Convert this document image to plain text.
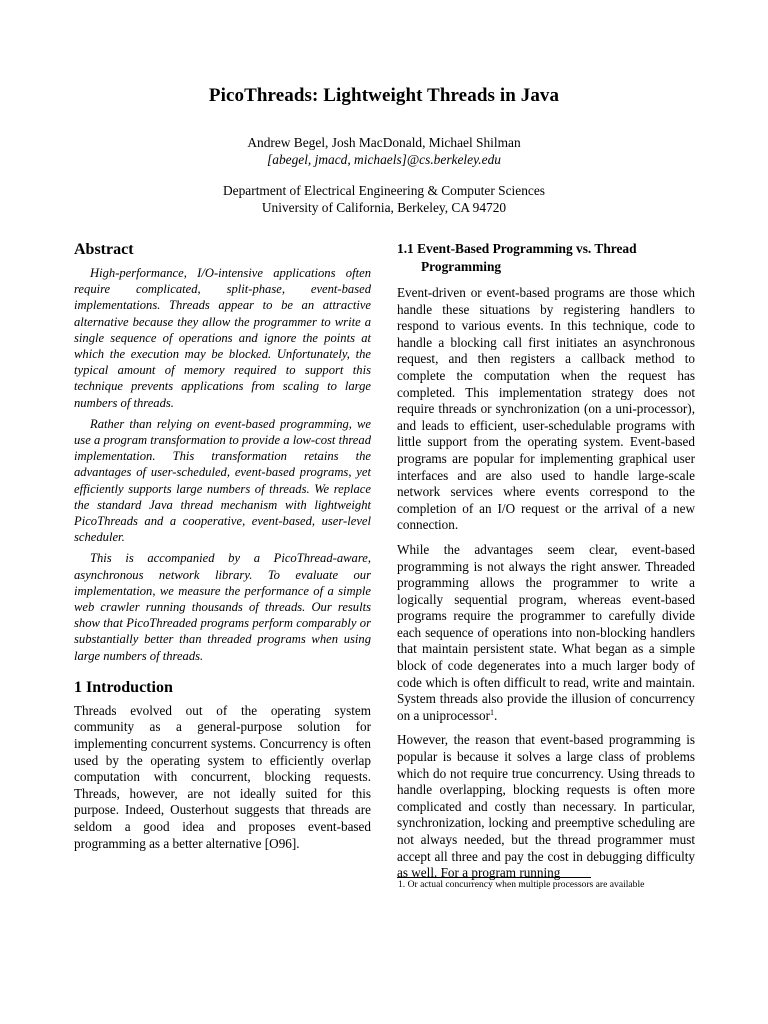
PicoThreads: Lightweight Threads in Java
Andrew Begel, Josh MacDonald, Michael Shilman
[abegel, jmacd, michaels]@cs.berkeley.edu
Department of Electrical Engineering & Computer Sciences
University of California, Berkeley, CA 94720
Abstract

High-performance, I/O-intensive applications often require complicated, split-phase, event-based implementations. Threads appear to be an attractive alternative because they allow the programmer to write a single sequence of operations and ignore the points at which the execution may be blocked. Unfortunately, the typical amount of memory required to support this technique prevents applications from scaling to large numbers of threads.

Rather than relying on event-based programming, we use a program transformation to provide a low-cost thread implementation. This transformation retains the advantages of user-scheduled, event-based programs, yet efficiently supports large numbers of threads. We replace the standard Java thread mechanism with lightweight PicoThreads and a cooperative, event-based, user-level scheduler.

This is accompanied by a PicoThread-aware, asynchronous network library. To evaluate our implementation, we measure the performance of a simple web crawler running thousands of threads. Our results show that PicoThreaded programs perform comparably or substantially better than threaded programs when using large numbers of threads.

1 Introduction

Threads evolved out of the operating system community as a general-purpose solution for implementing concurrent systems. Concurrency is often used by the operating system to efficiently overlap computation with concurrent, blocking requests. Threads, however, are not ideally suited for this purpose. Indeed, Ousterhout suggests that threads are seldom a good idea and proposes event-based programming as a better alternative [O96].

1.1 Event-Based Programming vs. Thread Programming

Event-driven or event-based programs are those which handle these situations by registering handlers to respond to various events. In this technique, code to handle a blocking call first initiates an asynchronous request, and then registers a callback method to complete the computation when the request has completed. This implementation strategy does not require threads or synchronization (on a uni-processor), and leads to efficient, user-schedulable programs with little support from the operating system. Event-based programs are popular for implementing graphical user interfaces and are also used to handle large-scale network services where events correspond to the completion of an I/O request or the arrival of a new connection.

While the advantages seem clear, event-based programming is not always the right answer. Threaded programming allows the programmer to write a logically sequential program, whereas event-based programs require the programmer to carefully divide each sequence of operations into non-blocking handlers that maintain persistent state. What began as a simple block of code degenerates into a much larger body of code which is often difficult to read, write and maintain. System threads also provide the illusion of concurrency on a uniprocessor$^1$.

However, the reason that event-based programming is popular is because it solves a large class of problems which do not require true concurrency. Using threads to handle overlapping, blocking requests is often more complicated and costly than necessary. In particular, synchronization, locking and preemptive scheduling are not always needed, but the thread programmer must accept all three and pay the cost in debugging difficulty as well. For a program running

1. Or actual concurrency when multiple processors are available
